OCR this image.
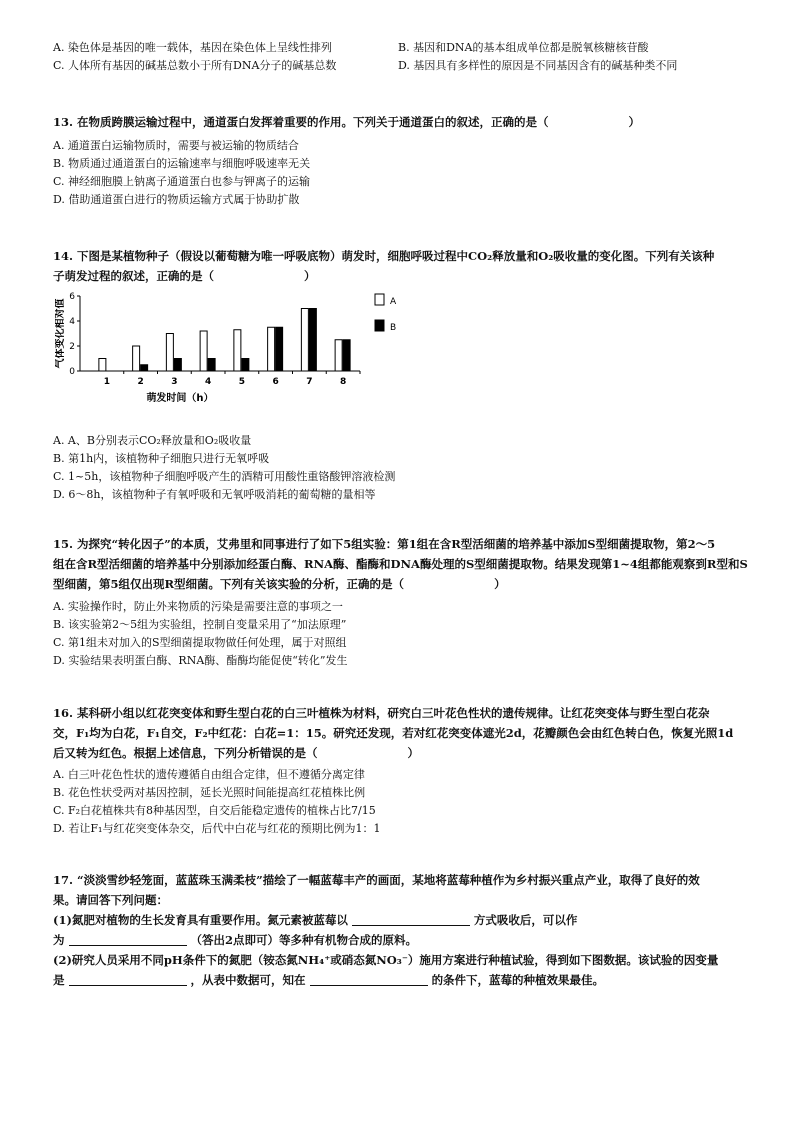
A. 染色体是基因的唯一载体，基因在染色体上呈线性排列	B. 基因和DNA的基本组成单位都是脱氧核糖核苷酸
C. 人体所有基因的碱基总数小于所有DNA分子的碱基总数	D. 基因具有多样性的原因是不同基因含有的碱基种类不同
13. 在物质跨膜运输过程中，通道蛋白发挥着重要的作用。下列关于通道蛋白的叙述，正确的是（	）
A. 通道蛋白运输物质时，需要与被运输的物质结合
B. 物质通过通道蛋白的运输速率与细胞呼吸速率无关
C. 神经细胞膜上钠离子通道蛋白也参与钾离子的运输
D. 借助通道蛋白进行的物质运输方式属于协助扩散
14. 下图是某植物种子（假设以葡萄糖为唯一呼吸底物）萌发时，细胞呼吸过程中CO₂释放量和O₂吸收量的变化图。下列有关该种
子萌发过程的叙述，正确的是（	）
0
2
4
6
气体变化相对值
1	2	3	4	5	6	7	8
萌发时间（h）
A
B
A. A、B分别表示CO₂释放量和O₂吸收量
B. 第1h内，该植物种子细胞只进行无氧呼吸
C. 1~5h，该植物种子细胞呼吸产生的酒精可用酸性重铬酸钾溶液检测
D. 6～8h，该植物种子有氧呼吸和无氧呼吸消耗的葡萄糖的量相等
15. 为探究“转化因子”的本质，艾弗里和同事进行了如下5组实验：第1组在含R型活细菌的培养基中添加S型细菌提取物，第2～5
组在含R型活细菌的培养基中分别添加经蛋白酶、RNA酶、酯酶和DNA酶处理的S型细菌提取物。结果发现第1~4组都能观察到R型和S
型细菌，第5组仅出现R型细菌。下列有关该实验的分析，正确的是（	）
A. 实验操作时，防止外来物质的污染是需要注意的事项之一
B. 该实验第2～5组为实验组，控制自变量采用了“加法原理”
C. 第1组未对加入的S型细菌提取物做任何处理，属于对照组
D. 实验结果表明蛋白酶、RNA酶、酯酶均能促使“转化”发生
16. 某科研小组以红花突变体和野生型白花的白三叶植株为材料，研究白三叶花色性状的遗传规律。让红花突变体与野生型白花杂
交，F₁均为白花，F₁自交，F₂中红花：白花=1：15。研究还发现，若对红花突变体遮光2d，花瓣颜色会由红色转白色，恢复光照1d
后又转为红色。根据上述信息，下列分析错误的是（	）
A. 白三叶花色性状的遗传遵循自由组合定律，但不遵循分离定律
B. 花色性状受两对基因控制，延长光照时间能提高红花植株比例
C. F₂白花植株共有8种基因型，自交后能稳定遗传的植株占比7/15
D. 若让F₁与红花突变体杂交，后代中白花与红花的预期比例为1：1
17. “淡淡雪纱轻笼面，蓝蓝珠玉满柔枝”描绘了一幅蓝莓丰产的画面，某地将蓝莓种植作为乡村振兴重点产业，取得了良好的效
果。请回答下列问题：
(1)氮肥对植物的生长发育具有重要作用。氮元素被蓝莓以	方式吸收后，可以作
为	（答出2点即可）等多种有机物合成的原料。
(2)研究人员采用不同pH条件下的氮肥（铵态氮NH₄⁺或硝态氮NO₃⁻）施用方案进行种植试验，得到如下图数据。该试验的因变量
是	，从表中数据可，知在	的条件下，蓝莓的种植效果最佳。
